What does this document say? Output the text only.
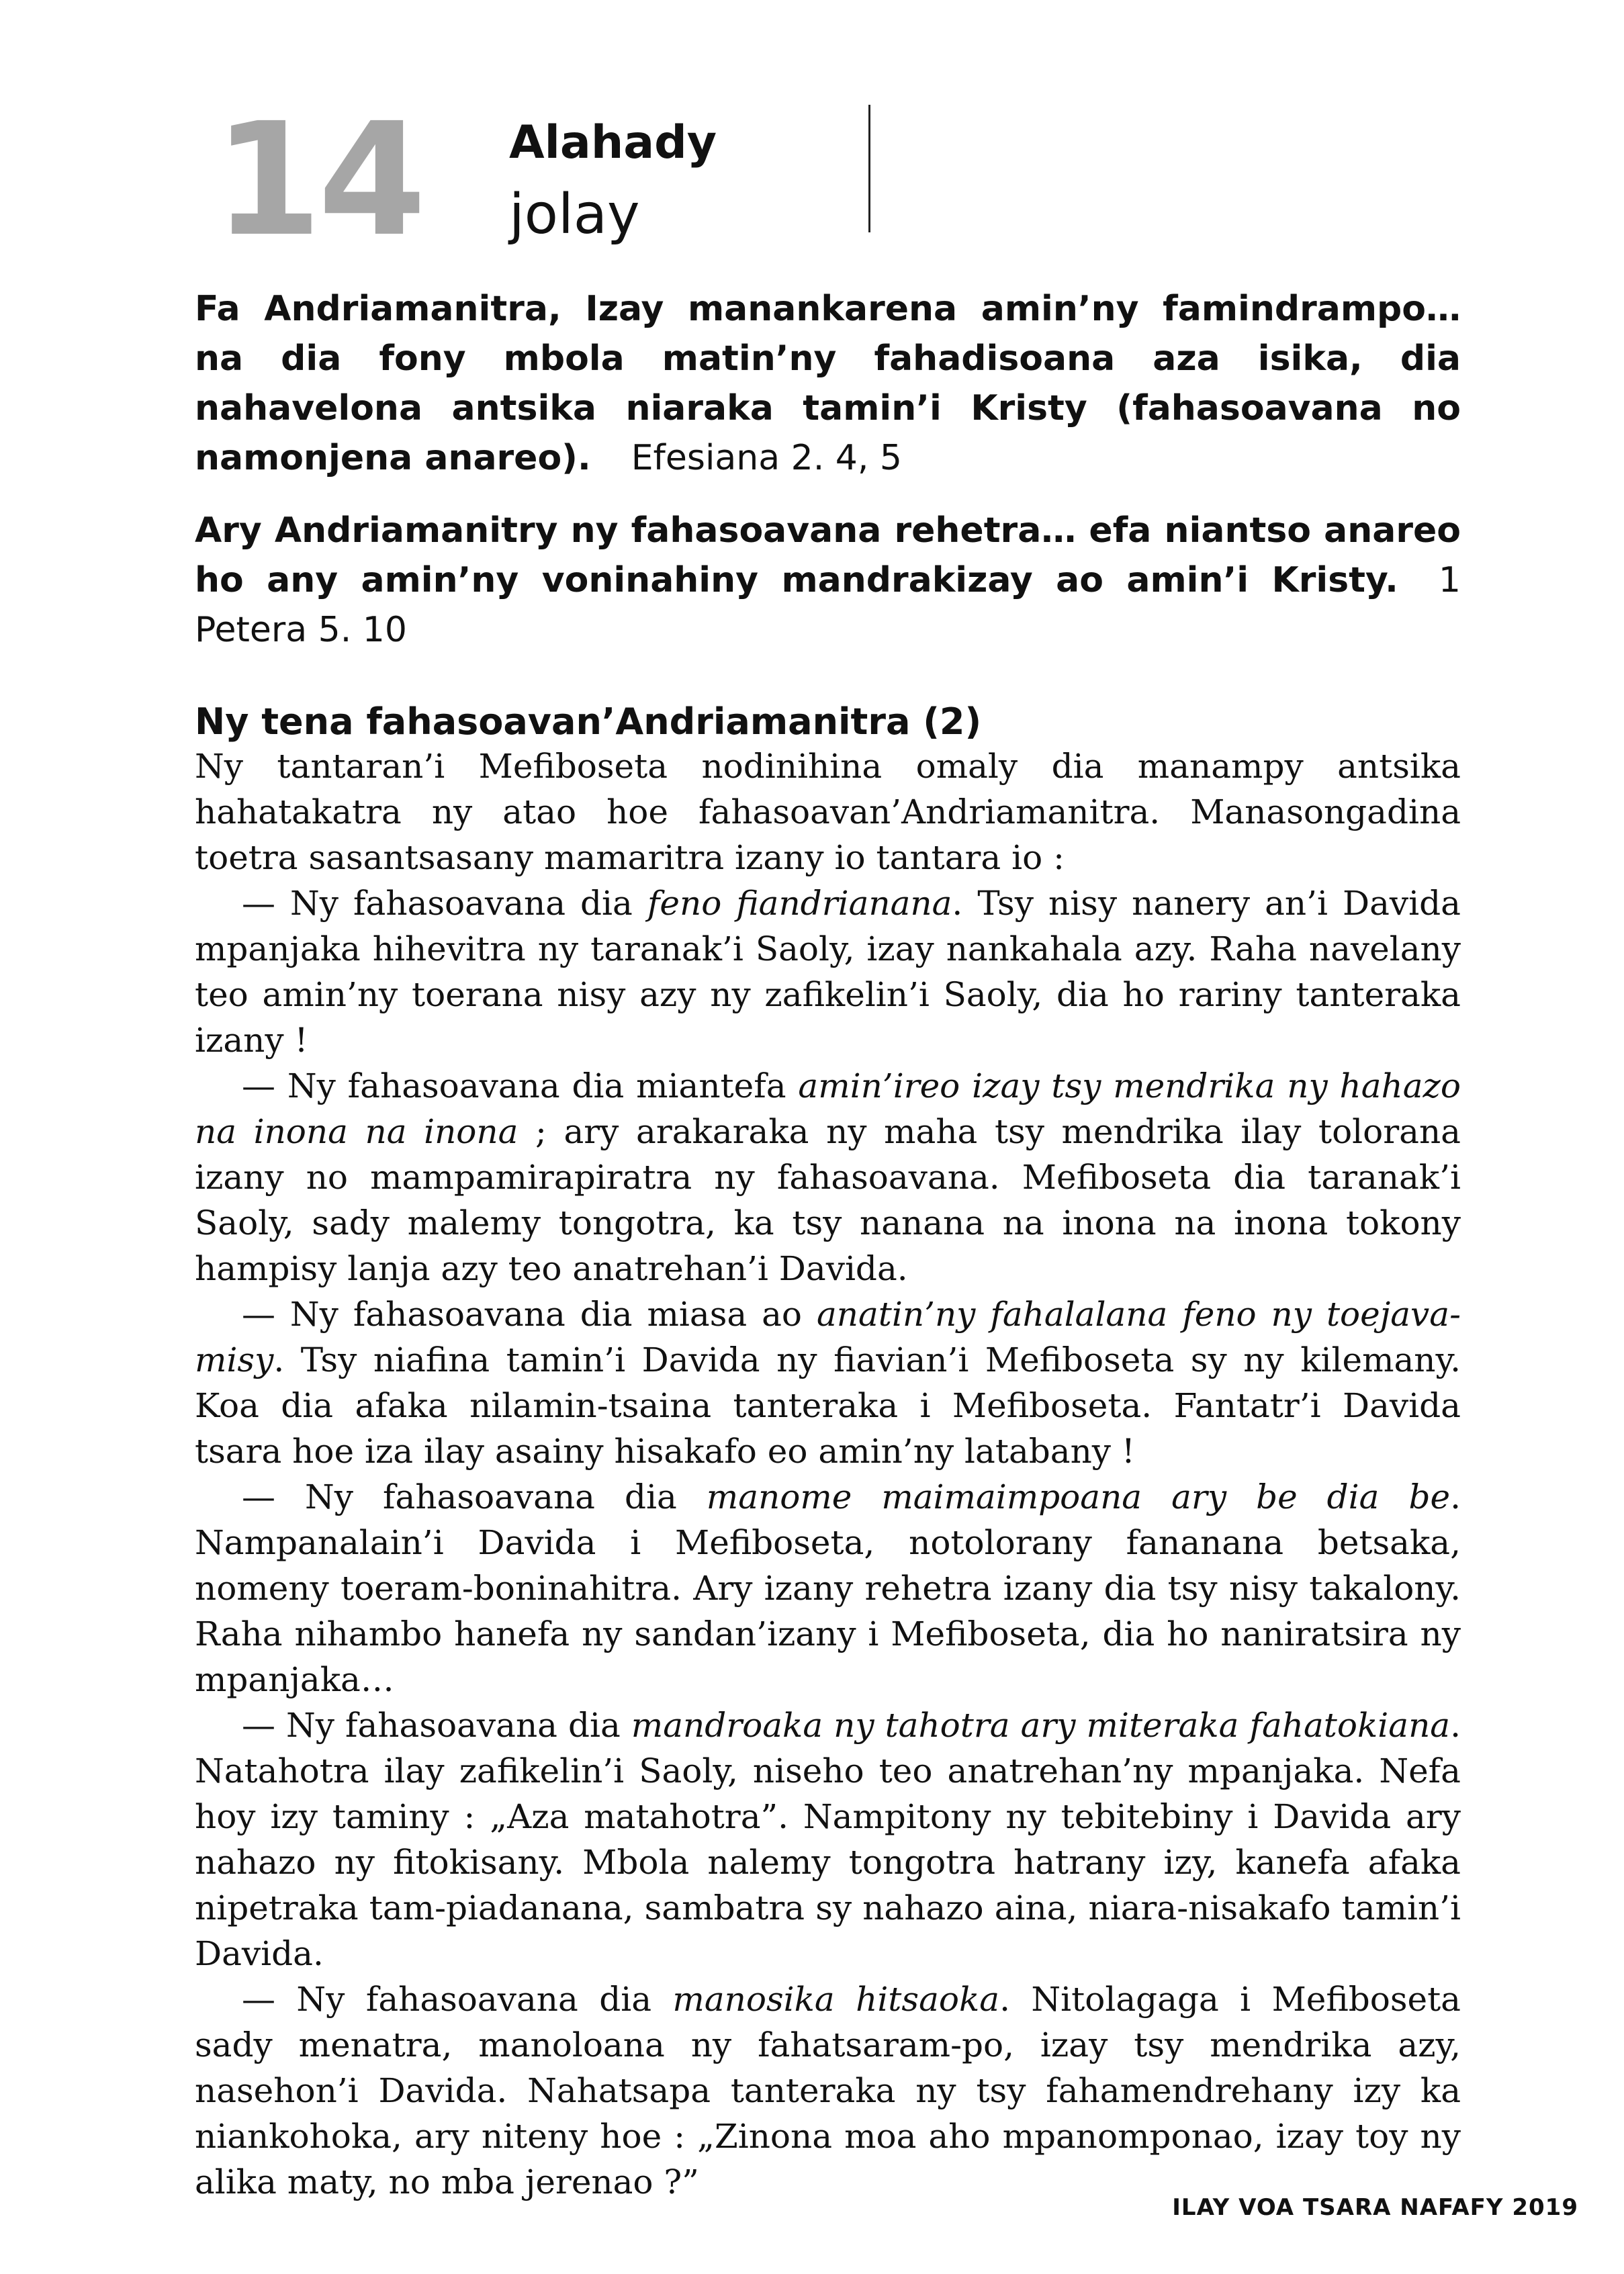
14 Alahady
jolay

Fa Andriamanitra, Izay manankarena amin’ny famindrampo… na dia fony mbola matin’ny fahadisoana aza isika, dia nahavelona antsika niaraka tamin’i Kristy (fahasoavana no namonjena anareo). Efesiana 2. 4, 5

Ary Andriamanitry ny fahasoavana rehetra… efa niantso anareo ho any amin’ny voninahiny mandrakizay ao amin’i Kristy. 1 Petera 5. 10

Ny tena fahasoavan’Andriamanitra (2)

Ny tantaran’i Mefiboseta nodinihina omaly dia manampy antsika hahatakatra ny atao hoe fahasoavan’Andriamanitra. Manasongadina toetra sasantsasany mamaritra izany io tantara io :

— Ny fahasoavana dia feno fiandrianana. Tsy nisy nanery an’i Davida mpanjaka hihevitra ny taranak’i Saoly, izay nankahala azy. Raha navelany teo amin’ny toerana nisy azy ny zafikelin’i Saoly, dia ho rariny tanteraka izany !

— Ny fahasoavana dia miantefa amin’ireo izay tsy mendrika ny hahazo na inona na inona ; ary arakaraka ny maha tsy mendrika ilay tolorana izany no mampamirapiratra ny fahasoavana. Mefiboseta dia taranak’i Saoly, sady malemy tongotra, ka tsy nanana na inona na inona tokony hampisy lanja azy teo anatrehan’i Davida.

— Ny fahasoavana dia miasa ao anatin’ny fahalalana feno ny toejava-misy. Tsy niafina tamin’i Davida ny fiavian’i Mefiboseta sy ny kilemany. Koa dia afaka nilamin-tsaina tanteraka i Mefiboseta. Fantatr’i Davida tsara hoe iza ilay asainy hisakafo eo amin’ny latabany !

— Ny fahasoavana dia manome maimaimpoana ary be dia be. Nampanalain’i Davida i Mefiboseta, notolorany fananana betsaka, nomeny toeram-boninahitra. Ary izany rehetra izany dia tsy nisy takalony. Raha nihambo hanefa ny sandan’izany i Mefiboseta, dia ho naniratsira ny mpanjaka…

— Ny fahasoavana dia mandroaka ny tahotra ary miteraka fahatokiana. Natahotra ilay zafikelin’i Saoly, niseho teo anatrehan’ny mpanjaka. Nefa hoy izy taminy : „Aza matahotra”. Nampitony ny tebitebiny i Davida ary nahazo ny fitokisany. Mbola nalemy tongotra hatrany izy, kanefa afaka nipetraka tam-piadanana, sambatra sy nahazo aina, niara-nisakafo tamin’i Davida.

— Ny fahasoavana dia manosika hitsaoka. Nitolagaga i Mefiboseta sady menatra, manoloana ny fahatsaram-po, izay tsy mendrika azy, nasehon’i Davida. Nahatsapa tanteraka ny tsy fahamendrehany izy ka niankohoka, ary niteny hoe : „Zinona moa aho mpanomponao, izay toy ny alika maty, no mba jerenao ?”

ILAY VOA TSARA NAFAFY 2019
